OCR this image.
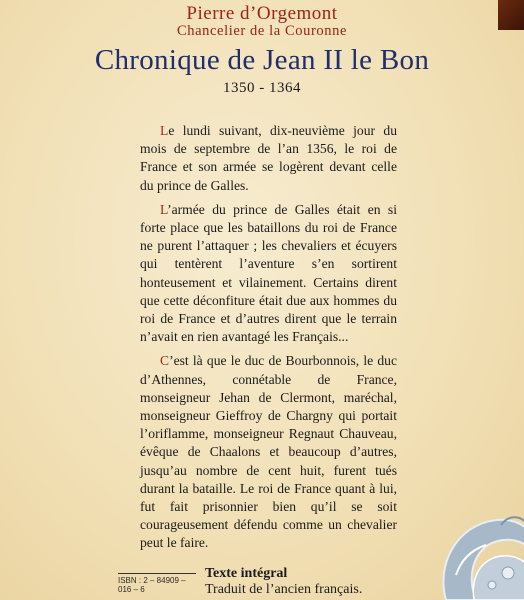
Pierre d’Orgemont
Chancelier de la Couronne
Chronique de Jean II le Bon
1350 - 1364

Le lundi suivant, dix-neuvième jour du mois de septembre de l’an 1356, le roi de France et son armée se logèrent devant celle du prince de Galles.

L’armée du prince de Galles était en si forte place que les bataillons du roi de France ne purent l’attaquer ; les chevaliers et écuyers qui tentèrent l’aventure s’en sortirent honteusement et vilainement. Certains dirent que cette déconfiture était due aux hommes du roi de France et d’autres dirent que le terrain n’avait en rien avantagé les Français...

C’est là que le duc de Bourbonnois, le duc d’Athennes, connétable de France, monseigneur Jehan de Clermont, maréchal, monseigneur Gieffroy de Chargny qui portait l’oriflamme, monseigneur Regnaut Chauveau, évêque de Chaalons et beaucoup d’autres, jusqu’au nombre de cent huit, furent tués durant la bataille. Le roi de France quant à lui, fut fait prisonnier bien qu’il se soit courageusement défendu comme un chevalier peut le faire.

ISBN : 2 – 84909 – 016 – 6
Texte intégral
Traduit de l’ancien français.
